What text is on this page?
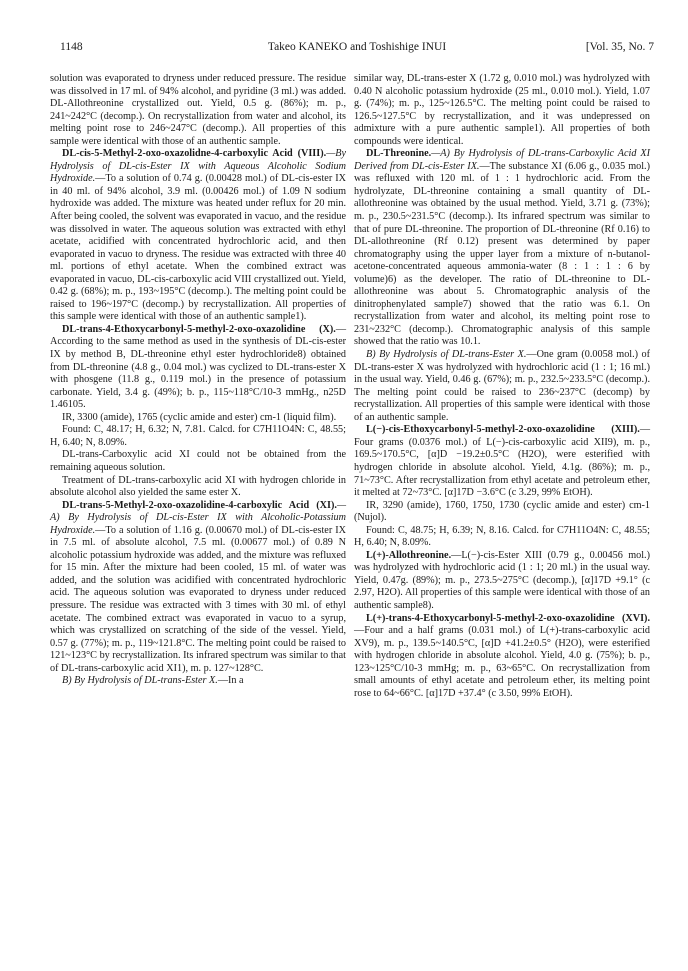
1148	Takeo KANEKO and Toshishige INUI	[Vol. 35, No. 7

solution was evaporated to dryness under reduced pressure. The residue was dissolved in 17 ml. of 94% alcohol, and pyridine (3 ml.) was added. DL-Allothreonine crystallized out. Yield, 0.5 g. (86%); m. p., 241~242°C (decomp.). On recrystallization from water and alcohol, its melting point rose to 246~247°C (decomp.). All properties of this sample were identical with those of an authentic sample.

DL-cis-5-Methyl-2-oxo-oxazolidne-4-carboxylic Acid (VIII).—By Hydrolysis of DL-cis-Ester IX with Aqueous Alcoholic Sodium Hydroxide.—To a solution of 0.74 g. (0.00428 mol.) of DL-cis-ester IX in 40 ml. of 94% alcohol, 3.9 ml. (0.00426 mol.) of 1.09 N sodium hydroxide was added. The mixture was heated under reflux for 20 min. After being cooled, the solvent was evaporated in vacuo, and the residue was dissolved in water. The aqueous solution was extracted with ethyl acetate, acidified with concentrated hydrochloric acid, and then evaporated in vacuo to dryness. The residue was extracted with three 40 ml. portions of ethyl acetate. When the combined extract was evaporated in vacuo, DL-cis-carboxylic acid VIII crystallized out. Yield, 0.42 g. (68%); m. p., 193~195°C (decomp.). The melting point could be raised to 196~197°C (decomp.) by recrystallization. All properties of this sample were identical with those of an authentic sample1).

DL-trans-4-Ethoxycarbonyl-5-methyl-2-oxo-oxazolidine (X).—According to the same method as used in the synthesis of DL-cis-ester IX by method B, DL-threonine ethyl ester hydrochloride8) obtained from DL-threonine (4.8 g., 0.04 mol.) was cyclized to DL-trans-ester X with phosgene (11.8 g., 0.119 mol.) in the presence of potassium carbonate. Yield, 3.4 g. (49%); b. p., 115~118°C/10-3 mmHg., n25D 1.46105.

IR, 3300 (amide), 1765 (cyclic amide and ester) cm-1 (liquid film).

Found: C, 48.17; H, 6.32; N, 7.81. Calcd. for C7H11O4N: C, 48.55; H, 6.40; N, 8.09%.

DL-trans-Carboxylic acid XI could not be obtained from the remaining aqueous solution.

Treatment of DL-trans-carboxylic acid XI with hydrogen chloride in absolute alcohol also yielded the same ester X.

DL-trans-5-Methyl-2-oxo-oxazolidine-4-carboxylic Acid (XI).—A) By Hydrolysis of DL-cis-Ester IX with Alcoholic-Potassium Hydroxide.—To a solution of 1.16 g. (0.00670 mol.) of DL-cis-ester IX in 7.5 ml. of absolute alcohol, 7.5 ml. (0.00677 mol.) of 0.89 N alcoholic potassium hydroxide was added, and the mixture was refluxed for 15 min. After the mixture had been cooled, 15 ml. of water was added, and the solution was acidified with concentrated hydrochloric acid. The aqueous solution was evaporated to dryness under reduced pressure. The residue was extracted with 3 times with 30 ml. of ethyl acetate. The combined extract was evaporated in vacuo to a syrup, which was crystallized on scratching of the side of the vessel. Yield, 0.57 g. (77%); m. p., 119~121.8°C. The melting point could be raised to 121~123°C by recrystallization. Its infrared spectrum was similar to that of DL-trans-carboxylic acid XI1), m. p. 127~128°C.

B) By Hydrolysis of DL-trans-Ester X.—In a

similar way, DL-trans-ester X (1.72 g, 0.010 mol.) was hydrolyzed with 0.40 N alcoholic potassium hydroxide (25 ml., 0.010 mol.). Yield, 1.07 g. (74%); m. p., 125~126.5°C. The melting point could be raised to 126.5~127.5°C by recrystallization, and it was undepressed on admixture with a pure authentic sample1). All properties of both compounds were identical.

DL-Threonine.—A) By Hydrolysis of DL-trans-Carboxylic Acid XI Derived from DL-cis-Ester IX.—The substance XI (6.06 g., 0.035 mol.) was refluxed with 120 ml. of 1 : 1 hydrochloric acid. From the hydrolyzate, DL-threonine containing a small quantity of DL-allothreonine was obtained by the usual method. Yield, 3.71 g. (73%); m. p., 230.5~231.5°C (decomp.). Its infrared spectrum was similar to that of pure DL-threonine. The proportion of DL-threonine (Rf 0.16) to DL-allothreonine (Rf 0.12) present was determined by paper chromatography using the upper layer from a mixture of n-butanol-acetone-concentrated aqueous ammonia-water (8 : 1 : 1 : 6 by volume)6) as the developer. The ratio of DL-threonine to DL-allothreonine was about 5. Chromatographic analysis of the dinitrophenylated sample7) showed that the ratio was 6.1. On recrystallization from water and alcohol, its melting point rose to 231~232°C (decomp.). Chromatographic analysis of this sample showed that the ratio was 10.1.

B) By Hydrolysis of DL-trans-Ester X.—One gram (0.0058 mol.) of DL-trans-ester X was hydrolyzed with hydrochloric acid (1 : 1; 16 ml.) in the usual way. Yield, 0.46 g. (67%); m. p., 232.5~233.5°C (decomp.). The melting point could be raised to 236~237°C (decomp) by recrystallization. All properties of this sample were identical with those of an authentic sample.

L(−)-cis-Ethoxycarbonyl-5-methyl-2-oxo-oxazolidine (XIII).—Four grams (0.0376 mol.) of L(−)-cis-carboxylic acid XII9), m. p., 169.5~170.5°C, [α]D −19.2±0.5°C (H2O), were esterified with hydrogen chloride in absolute alcohol. Yield, 4.1g. (86%); m. p., 71~73°C. After recrystallization from ethyl acetate and petroleum ether, it melted at 72~73°C. [α]17D −3.6°C (c 3.29, 99% EtOH).

IR, 3290 (amide), 1760, 1750, 1730 (cyclic amide and ester) cm-1 (Nujol).

Found: C, 48.75; H, 6.39; N, 8.16. Calcd. for C7H11O4N: C, 48.55; H, 6.40; N, 8.09%.

L(+)-Allothreonine.—L(−)-cis-Ester XIII (0.79 g., 0.00456 mol.) was hydrolyzed with hydrochloric acid (1 : 1; 20 ml.) in the usual way. Yield, 0.47g. (89%); m. p., 273.5~275°C (decomp.), [α]17D +9.1° (c 2.97, H2O). All properties of this sample were identical with those of an authentic sample8).

L(+)-trans-4-Ethoxycarbonyl-5-methyl-2-oxo-oxazolidine (XVI).—Four and a half grams (0.031 mol.) of L(+)-trans-carboxylic acid XV9), m. p., 139.5~140.5°C, [α]D +41.2±0.5° (H2O), were esterified with hydrogen chloride in absolute alcohol. Yield, 4.0 g. (75%); b. p., 123~125°C/10-3 mmHg; m. p., 63~65°C. On recrystallization from small amounts of ethyl acetate and petroleum ether, its melting point rose to 64~66°C. [α]17D +37.4° (c 3.50, 99% EtOH).
